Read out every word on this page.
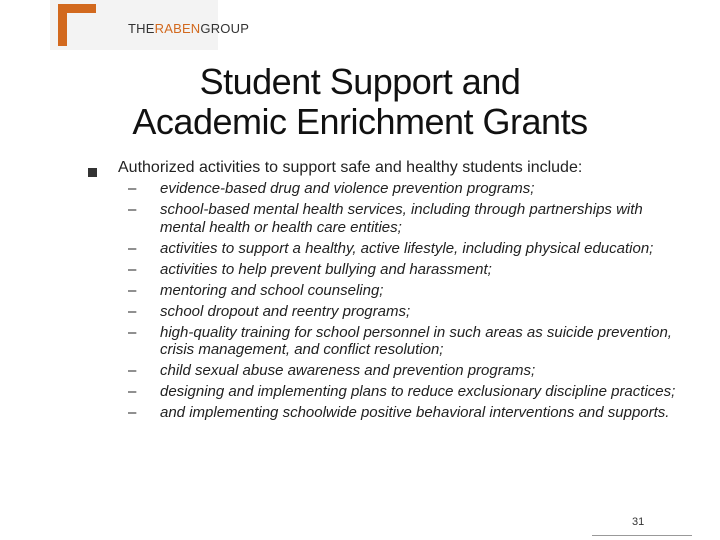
THERABENGROUP
Student Support and
Academic Enrichment Grants
Authorized activities to support safe and healthy students include:
– evidence-based drug and violence prevention programs;
– school-based mental health services, including through partnerships with mental health or health care entities;
– activities to support a healthy, active lifestyle, including physical education;
– activities to help prevent bullying and harassment;
– mentoring and school counseling;
– school dropout and reentry programs;
– high-quality training for school personnel in such areas as suicide prevention, crisis management, and conflict resolution;
– child sexual abuse awareness and prevention programs;
– designing and implementing plans to reduce exclusionary discipline practices;
– and implementing schoolwide positive behavioral interventions and supports.
31
